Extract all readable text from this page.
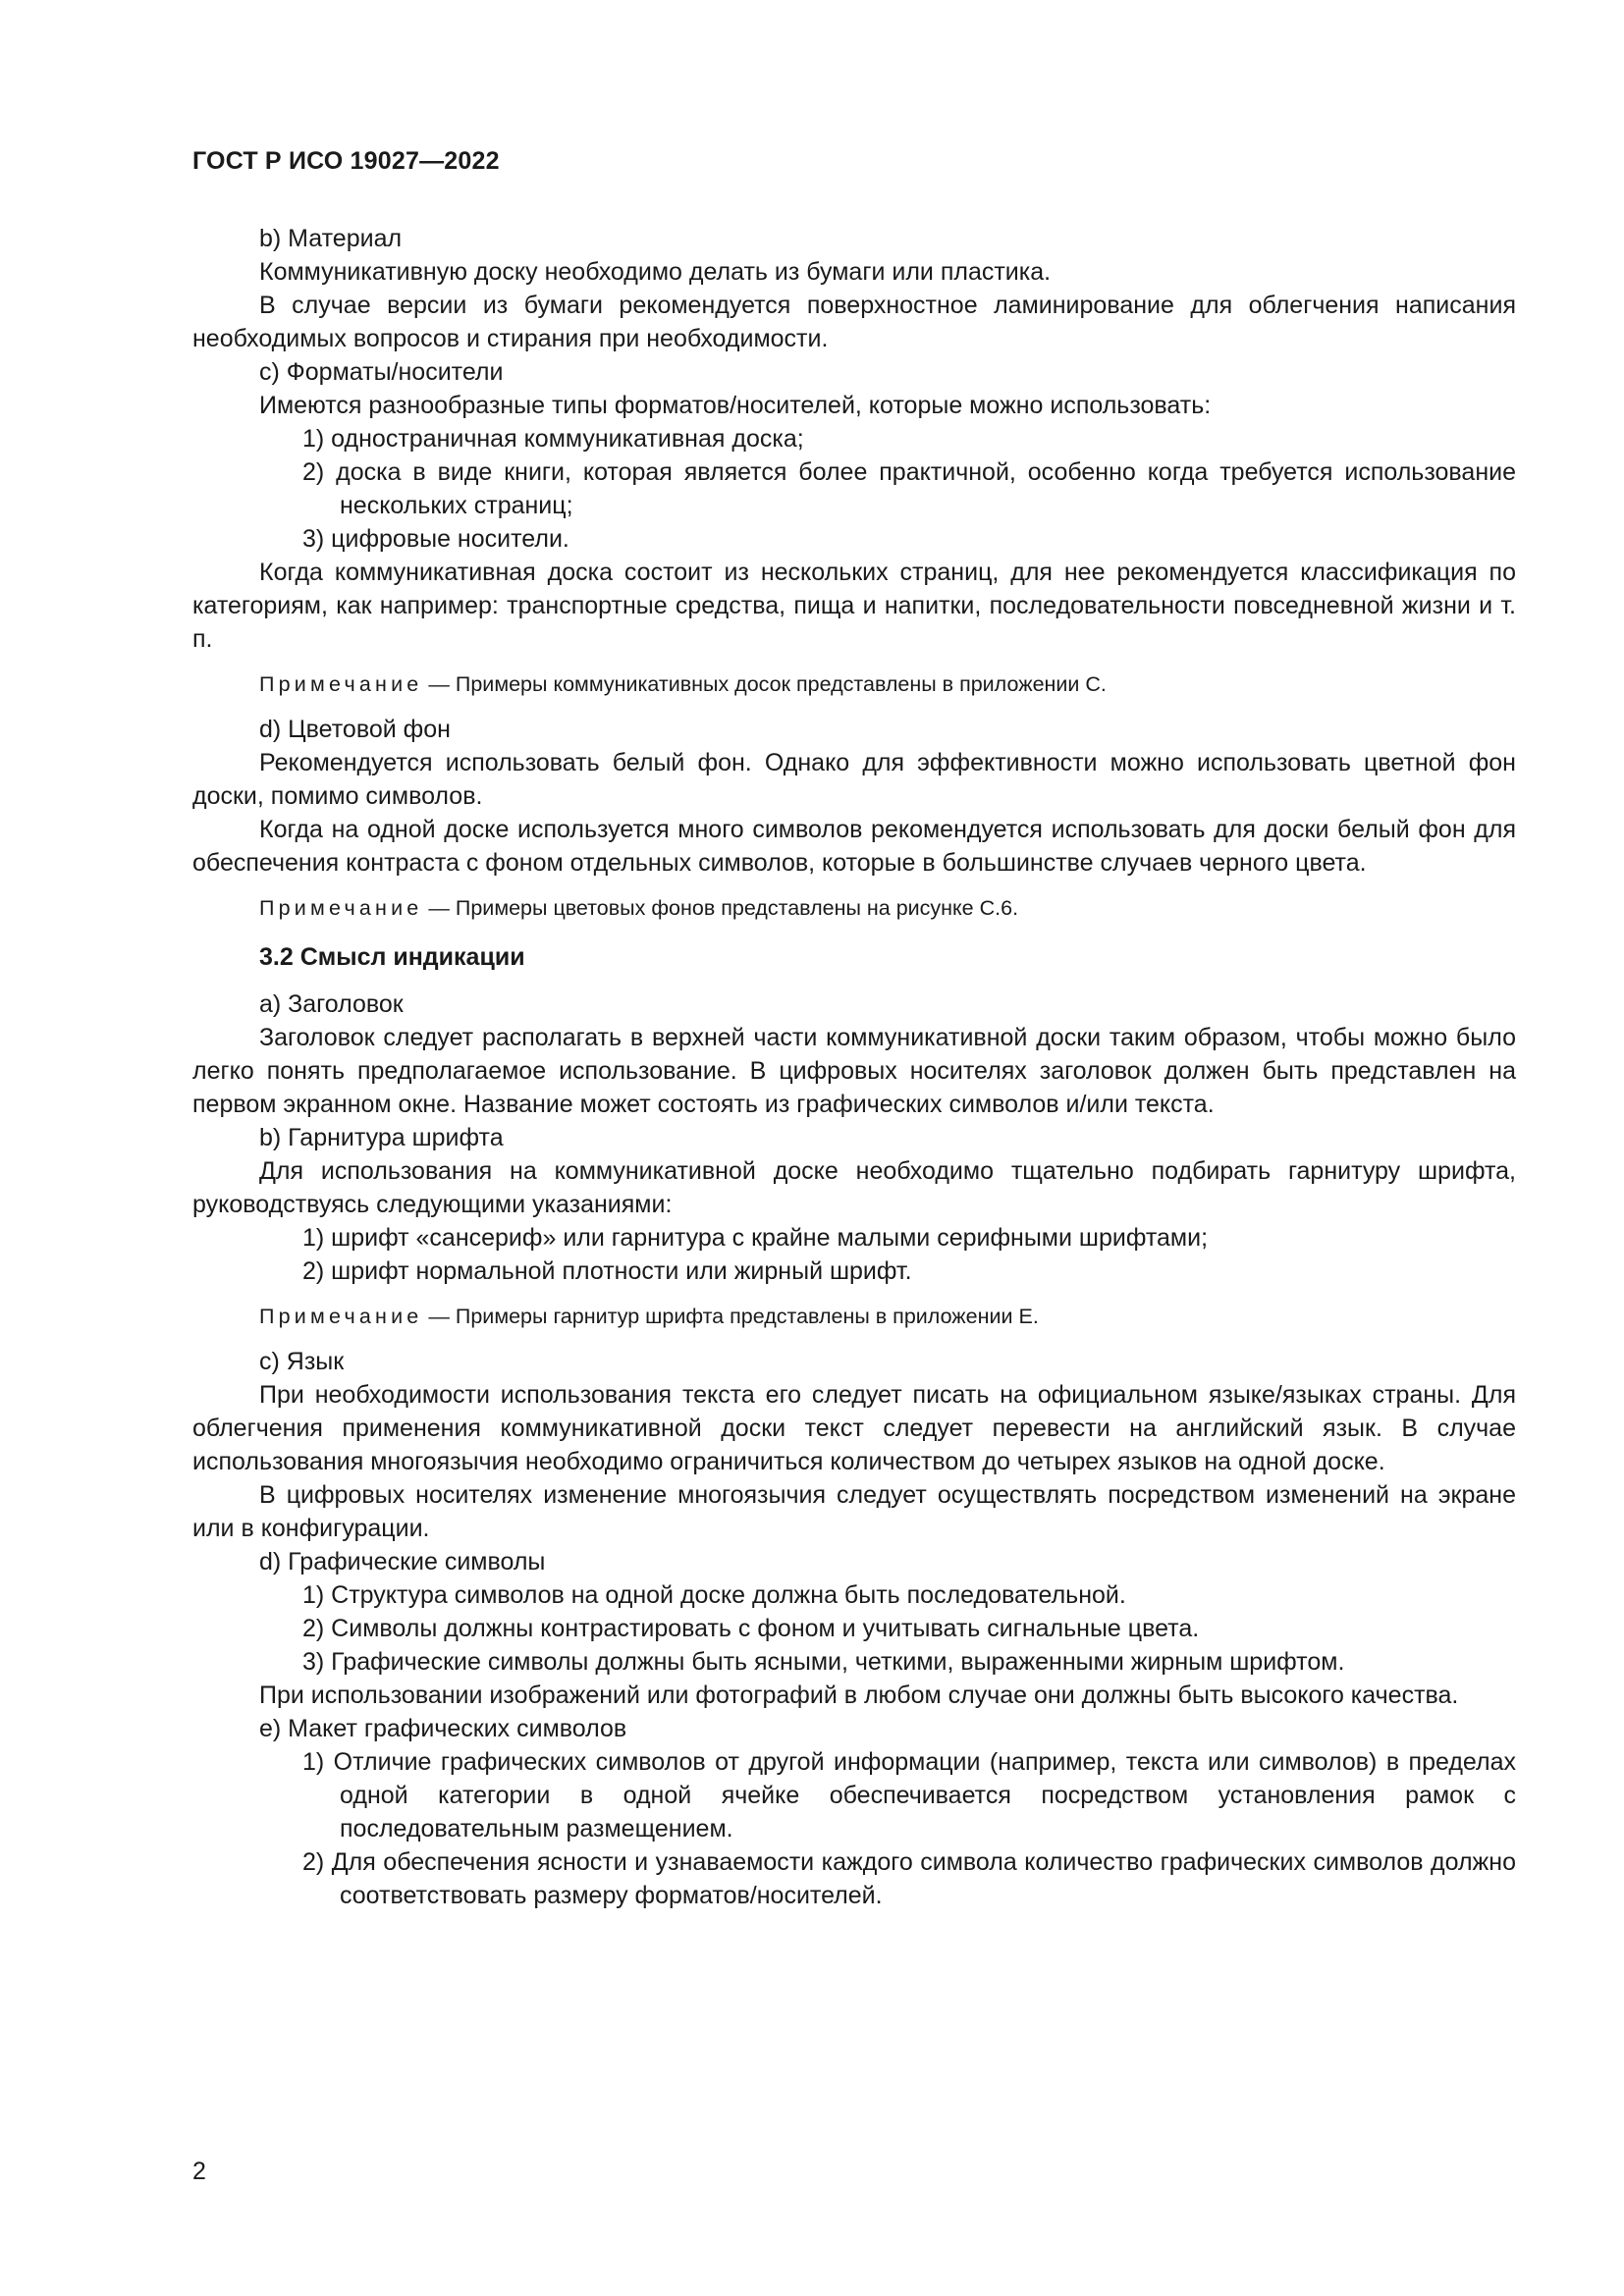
ГОСТ Р ИСО 19027—2022

b) Материал

Коммуникативную доску необходимо делать из бумаги или пластика.

В случае версии из бумаги рекомендуется поверхностное ламинирование для облегчения написания необходимых вопросов и стирания при необходимости.

с) Форматы/носители

Имеются разнообразные типы форматов/носителей, которые можно использовать:

1) одностраничная коммуникативная доска;

2) доска в виде книги, которая является более практичной, особенно когда требуется использование нескольких страниц;

3) цифровые носители.

Когда коммуникативная доска состоит из нескольких страниц, для нее рекомендуется классификация по категориям, как например: транспортные средства, пища и напитки, последовательности повседневной жизни и т. п.

Примечание — Примеры коммуникативных досок представлены в приложении С.

d) Цветовой фон

Рекомендуется использовать белый фон. Однако для эффективности можно использовать цветной фон доски, помимо символов.

Когда на одной доске используется много символов рекомендуется использовать для доски белый фон для обеспечения контраста с фоном отдельных символов, которые в большинстве случаев черного цвета.

Примечание — Примеры цветовых фонов представлены на рисунке С.6.

3.2 Смысл индикации

а) Заголовок

Заголовок следует располагать в верхней части коммуникативной доски таким образом, чтобы можно было легко понять предполагаемое использование. В цифровых носителях заголовок должен быть представлен на первом экранном окне. Название может состоять из графических символов и/или текста.

b) Гарнитура шрифта

Для использования на коммуникативной доске необходимо тщательно подбирать гарнитуру шрифта, руководствуясь следующими указаниями:

1) шрифт «сансериф» или гарнитура с крайне малыми серифными шрифтами;

2) шрифт нормальной плотности или жирный шрифт.

Примечание — Примеры гарнитур шрифта представлены в приложении Е.

с) Язык

При необходимости использования текста его следует писать на официальном языке/языках страны. Для облегчения применения коммуникативной доски текст следует перевести на английский язык. В случае использования многоязычия необходимо ограничиться количеством до четырех языков на одной доске.

В цифровых носителях изменение многоязычия следует осуществлять посредством изменений на экране или в конфигурации.

d) Графические символы

1) Структура символов на одной доске должна быть последовательной.

2) Символы должны контрастировать с фоном и учитывать сигнальные цвета.

3) Графические символы должны быть ясными, четкими, выраженными жирным шрифтом.

При использовании изображений или фотографий в любом случае они должны быть высокого качества.

е) Макет графических символов

1) Отличие графических символов от другой информации (например, текста или символов) в пределах одной категории в одной ячейке обеспечивается посредством установления рамок с последовательным размещением.

2) Для обеспечения ясности и узнаваемости каждого символа количество графических символов должно соответствовать размеру форматов/носителей.

2
